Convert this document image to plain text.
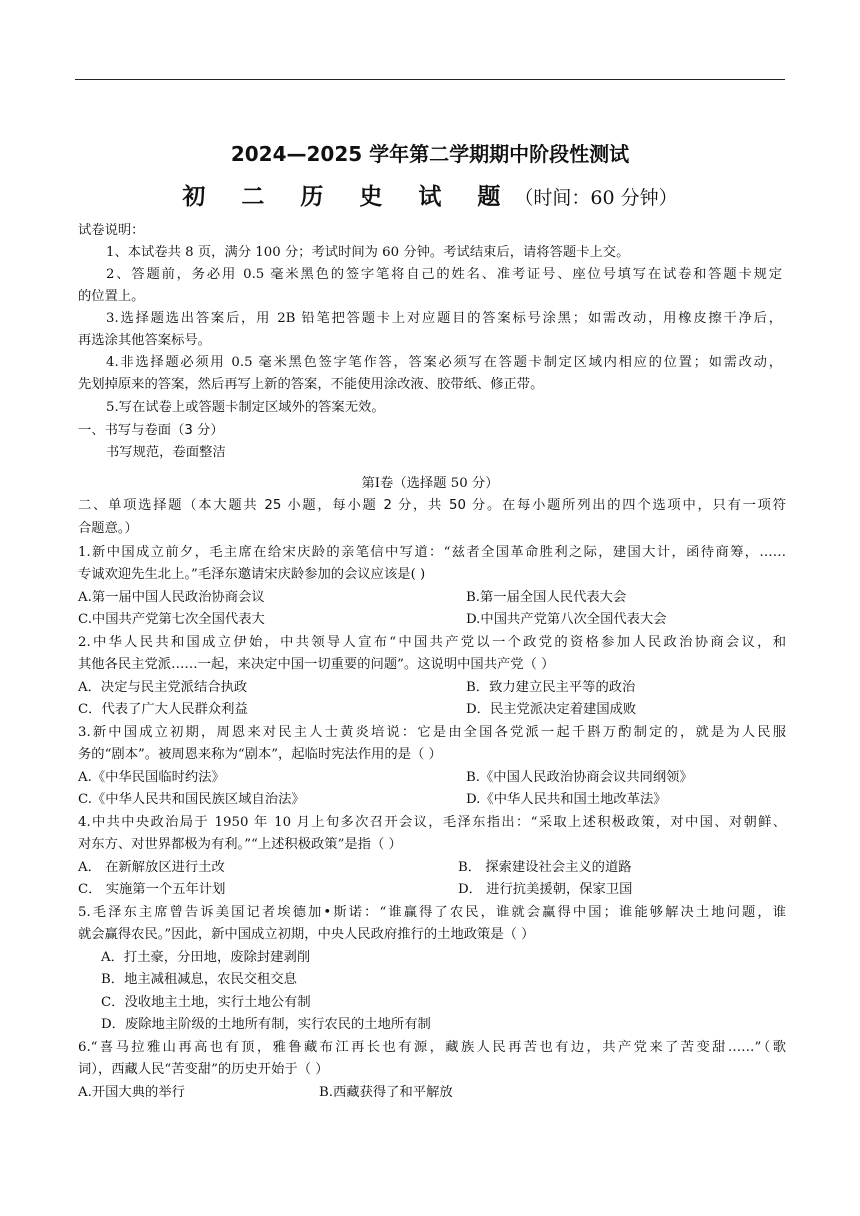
2024—2025 学年第二学期期中阶段性测试
初 二 历 史 试 题（时间：60 分钟）
试卷说明：
1、本试卷共 8 页，满分 100 分；考试时间为 60 分钟。考试结束后，请将答题卡上交。
2、答题前，务必用 0.5 毫米黑色的签字笔将自己的姓名、准考证号、座位号填写在试卷和答题卡规定
的位置上。
3.选择题选出答案后，用 2B 铅笔把答题卡上对应题目的答案标号涂黑；如需改动，用橡皮擦干净后，
再选涂其他答案标号。
4.非选择题必须用 0.5 毫米黑色签字笔作答，答案必须写在答题卡制定区域内相应的位置；如需改动，
先划掉原来的答案，然后再写上新的答案，不能使用涂改液、胶带纸、修正带。
5.写在试卷上或答题卡制定区域外的答案无效。
一、书写与卷面（3 分）
书写规范，卷面整洁
第Ⅰ卷（选择题 50 分）
二、单项选择题（本大题共 25 小题，每小题 2 分，共 50 分。在每小题所列出的四个选项中，只有一项符
合题意。）
1.新中国成立前夕，毛主席在给宋庆龄的亲笔信中写道：“兹者全国革命胜利之际，建国大计，函待商筹，……
专诚欢迎先生北上。”毛泽东邀请宋庆龄参加的会议应该是( )
A.第一届中国人民政治协商会议	B.第一届全国人民代表大会
C.中国共产党第七次全国代表大	D.中国共产党第八次全国代表大会
2.中华人民共和国成立伊始，中共领导人宣布“中国共产党以一个政党的资格参加人民政治协商会议，和
其他各民主党派……一起，来决定中国一切重要的问题”。这说明中国共产党（ ）
A．决定与民主党派结合执政	B．致力建立民主平等的政治
C．代表了广大人民群众利益	D．民主党派决定着建国成败
3.新中国成立初期，周恩来对民主人士黄炎培说：它是由全国各党派一起千斟万酌制定的，就是为人民服
务的“剧本”。被周恩来称为“剧本”，起临时宪法作用的是（ ）
A.《中华民国临时约法》	B.《中国人民政治协商会议共同纲领》
C.《中华人民共和国民族区域自治法》	D.《中华人民共和国土地改革法》
4.中共中央政治局于 1950 年 10 月上旬多次召开会议，毛泽东指出：“采取上述积极政策，对中国、对朝鲜、
对东方、对世界都极为有利。”“上述积极政策”是指（ ）
A． 在新解放区进行土改	B． 探索建设社会主义的道路
C． 实施第一个五年计划	D． 进行抗美援朝，保家卫国
5.毛泽东主席曾告诉美国记者埃德加•斯诺：“谁赢得了农民，谁就会赢得中国；谁能够解决土地问题，谁
就会赢得农民。”因此，新中国成立初期，中央人民政府推行的土地政策是（ ）
A．打土豪，分田地，废除封建剥削
B．地主减租减息，农民交租交息
C．没收地主土地，实行土地公有制
D．废除地主阶级的土地所有制，实行农民的土地所有制
6.“喜马拉雅山再高也有顶，雅鲁藏布江再长也有源，藏族人民再苦也有边，共产党来了苦变甜……”（歌
词），西藏人民“苦变甜”的历史开始于（ ）
A.开国大典的举行	B.西藏获得了和平解放
